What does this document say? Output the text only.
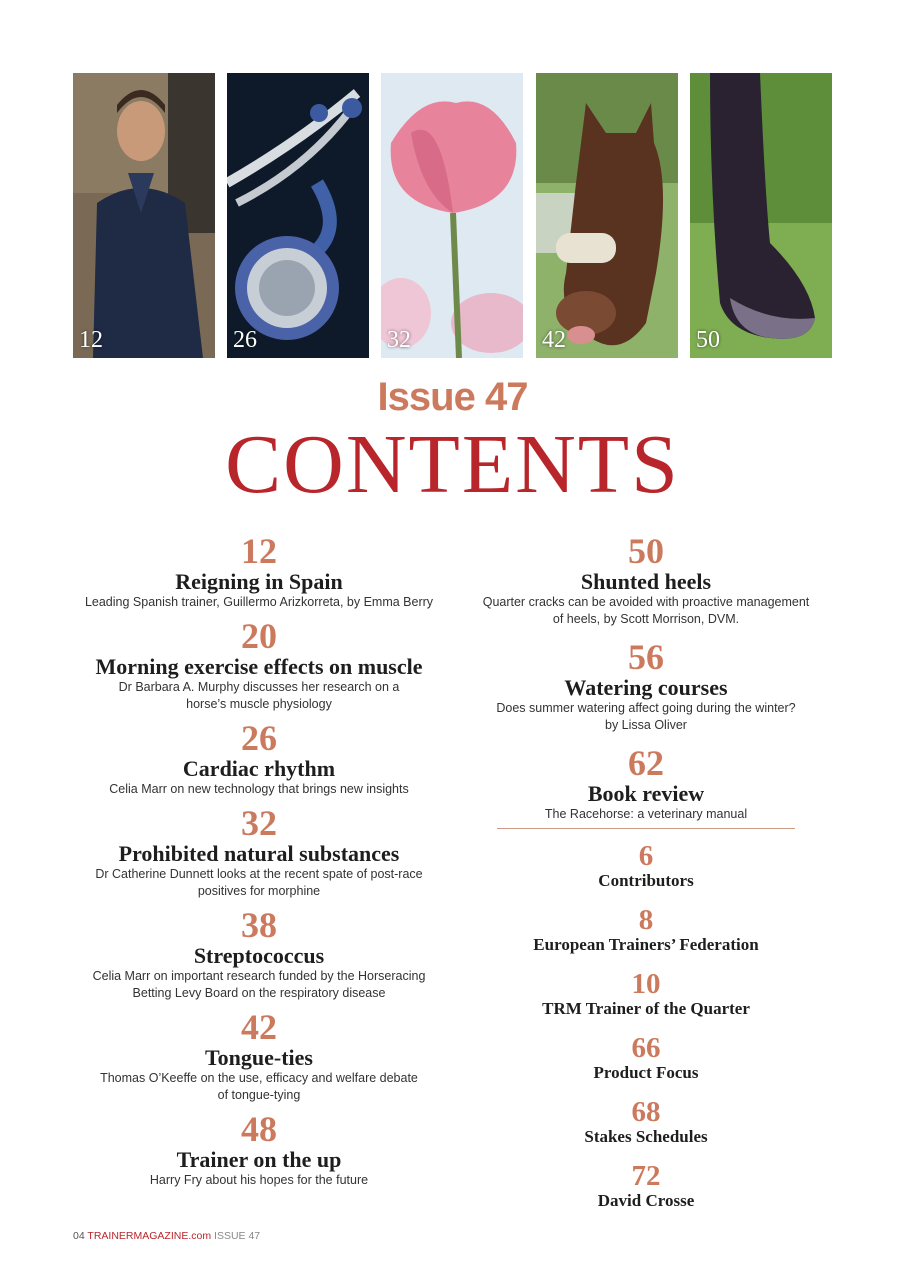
12	26	32	42	50
Issue 47
CONTENTS
12
Reigning in Spain
Leading Spanish trainer, Guillermo Arizkorreta, by Emma Berry
20
Morning exercise effects on muscle
Dr Barbara A. Murphy discusses her research on a
horse’s muscle physiology
26
Cardiac rhythm
Celia Marr on new technology that brings new insights
32
Prohibited natural substances
Dr Catherine Dunnett looks at the recent spate of post-race
positives for morphine
38
Streptococcus
Celia Marr on important research funded by the Horseracing
Betting Levy Board on the respiratory disease
42
Tongue-ties
Thomas O’Keeffe on the use, efficacy and welfare debate
of tongue-tying
48
Trainer on the up
Harry Fry about his hopes for the future
50
Shunted heels
Quarter cracks can be avoided with proactive management
of heels, by Scott Morrison, DVM.
56
Watering courses
Does summer watering affect going during the winter?
by Lissa Oliver
62
Book review
The Racehorse: a veterinary manual
6
Contributors
8
European Trainers’ Federation
10
TRM Trainer of the Quarter
66
Product Focus
68
Stakes Schedules
72
David Crosse
04 TRAINERMAGAZINE.com ISSUE 47
